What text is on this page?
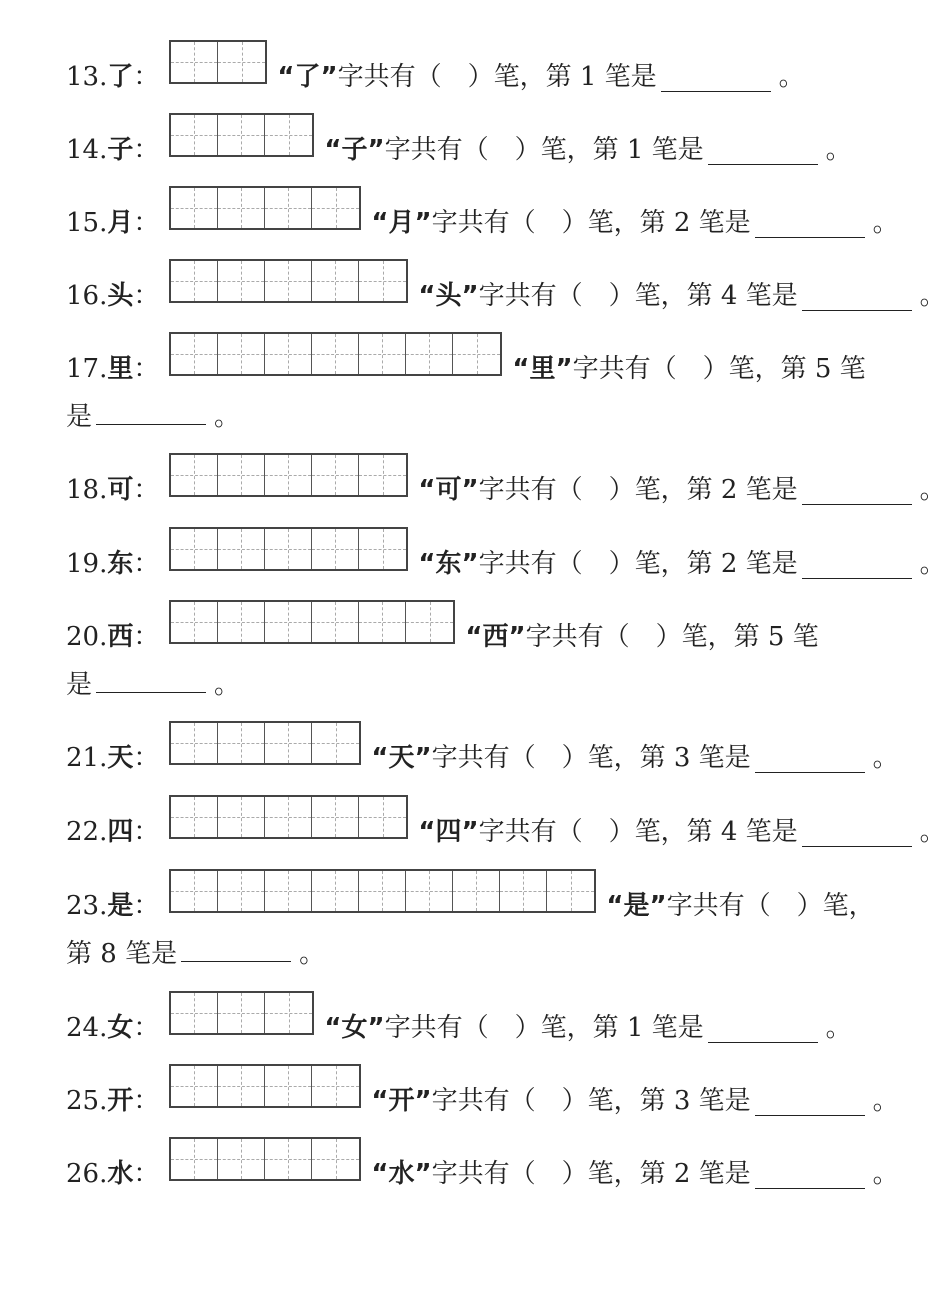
13. 了 ：	“了” 字共有（　）笔，第 1 笔是	。
14. 子 ：	“子” 字共有（　）笔，第 1 笔是	。
15. 月 ：	“月” 字共有（　）笔，第 2 笔是	。
16. 头 ：	“头” 字共有（　）笔，第 4 笔是	。
17. 里 ：	“里” 字共有（　）笔，第 5 笔
是	。
18. 可 ：	“可” 字共有（　）笔，第 2 笔是	。
19. 东 ：	“东” 字共有（　）笔，第 2 笔是	。
20. 西 ：	“西” 字共有（　）笔，第 5 笔
是	。
21. 天 ：	“天” 字共有（　）笔，第 3 笔是	。
22. 四 ：	“四” 字共有（　）笔，第 4 笔是	。
23. 是 ：	“是” 字共有（　）笔，
第 8 笔是	。
24. 女 ：	“女” 字共有（　）笔，第 1 笔是	。
25. 开 ：	“开” 字共有（　）笔，第 3 笔是	。
26. 水 ：	“水” 字共有（　）笔，第 2 笔是	。
